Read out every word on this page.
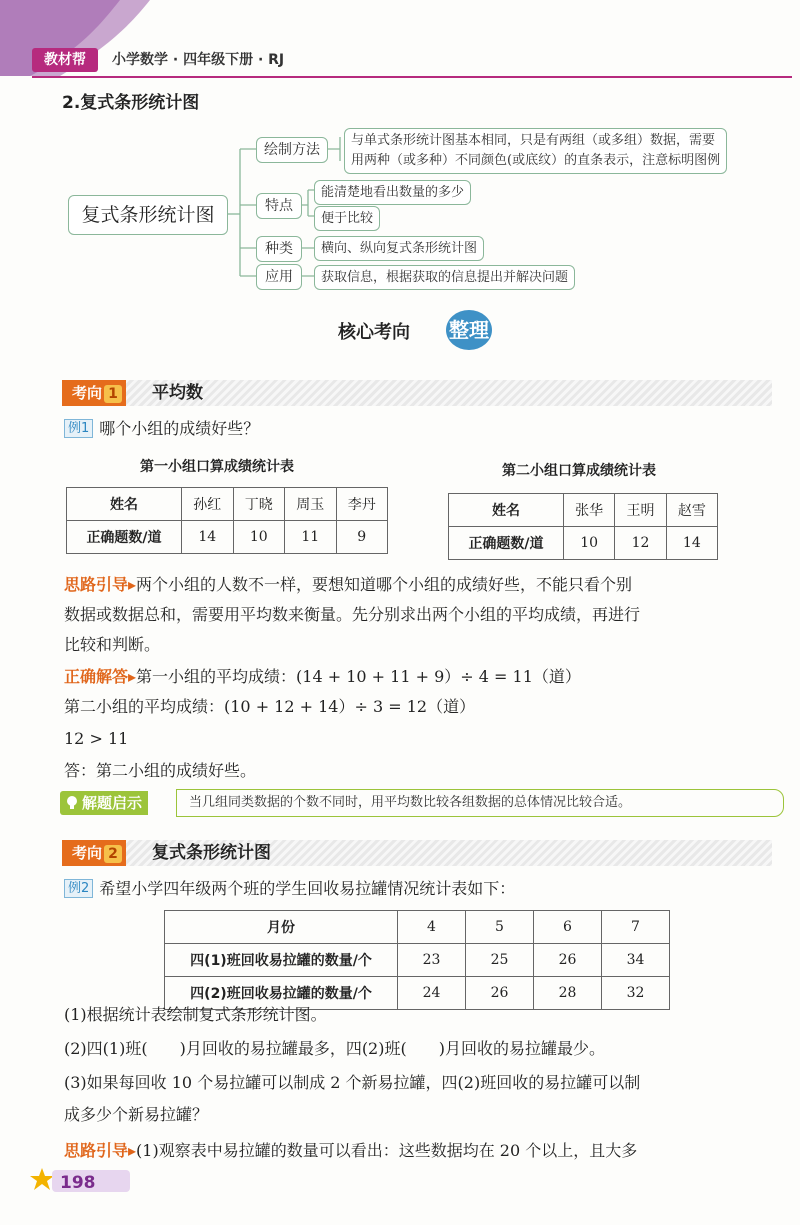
教材帮	小学数学 · 四年级下册 · RJ
2.复式条形统计图
复式条形统计图
绘制方法
特点
种类
应用
与单式条形统计图基本相同，只是有两组（或多组）数据，需要
用两种（或多种）不同颜色(或底纹）的直条表示，注意标明图例
能清楚地看出数量的多少
便于比较
横向、纵向复式条形统计图
获取信息，根据获取的信息提出并解决问题
核心考向 整理
考向 1	平均数
例1 哪个小组的成绩好些？
第一小组口算成绩统计表
姓名	孙红	丁晓	周玉	李丹
正确题数/道	14	10	11	9
第二小组口算成绩统计表
姓名	张华	王明	赵雪
正确题数/道	10	12	14
思路引导▸两个小组的人数不一样，要想知道哪个小组的成绩好些，不能只看个别
数据或数据总和，需要用平均数来衡量。先分别求出两个小组的平均成绩，再进行
比较和判断。
正确解答▸第一小组的平均成绩：(14 + 10 + 11 + 9）÷ 4 = 11（道）
第二小组的平均成绩：(10 + 12 + 14）÷ 3 = 12（道）
12 > 11
答：第二小组的成绩好些。
解题启示	当几组同类数据的个数不同时，用平均数比较各组数据的总体情况比较合适。
考向 2	复式条形统计图
例2 希望小学四年级两个班的学生回收易拉罐情况统计表如下：
月份	4	5	6	7
四(1)班回收易拉罐的数量/个	23	25	26	34
四(2)班回收易拉罐的数量/个	24	26	28	32
(1)根据统计表绘制复式条形统计图。
(2)四(1)班(　　)月回收的易拉罐最多，四(2)班(　　)月回收的易拉罐最少。
(3)如果每回收 10 个易拉罐可以制成 2 个新易拉罐，四(2)班回收的易拉罐可以制
成多少个新易拉罐？
思路引导▸(1)观察表中易拉罐的数量可以看出：这些数据均在 20 个以上，且大多
198
